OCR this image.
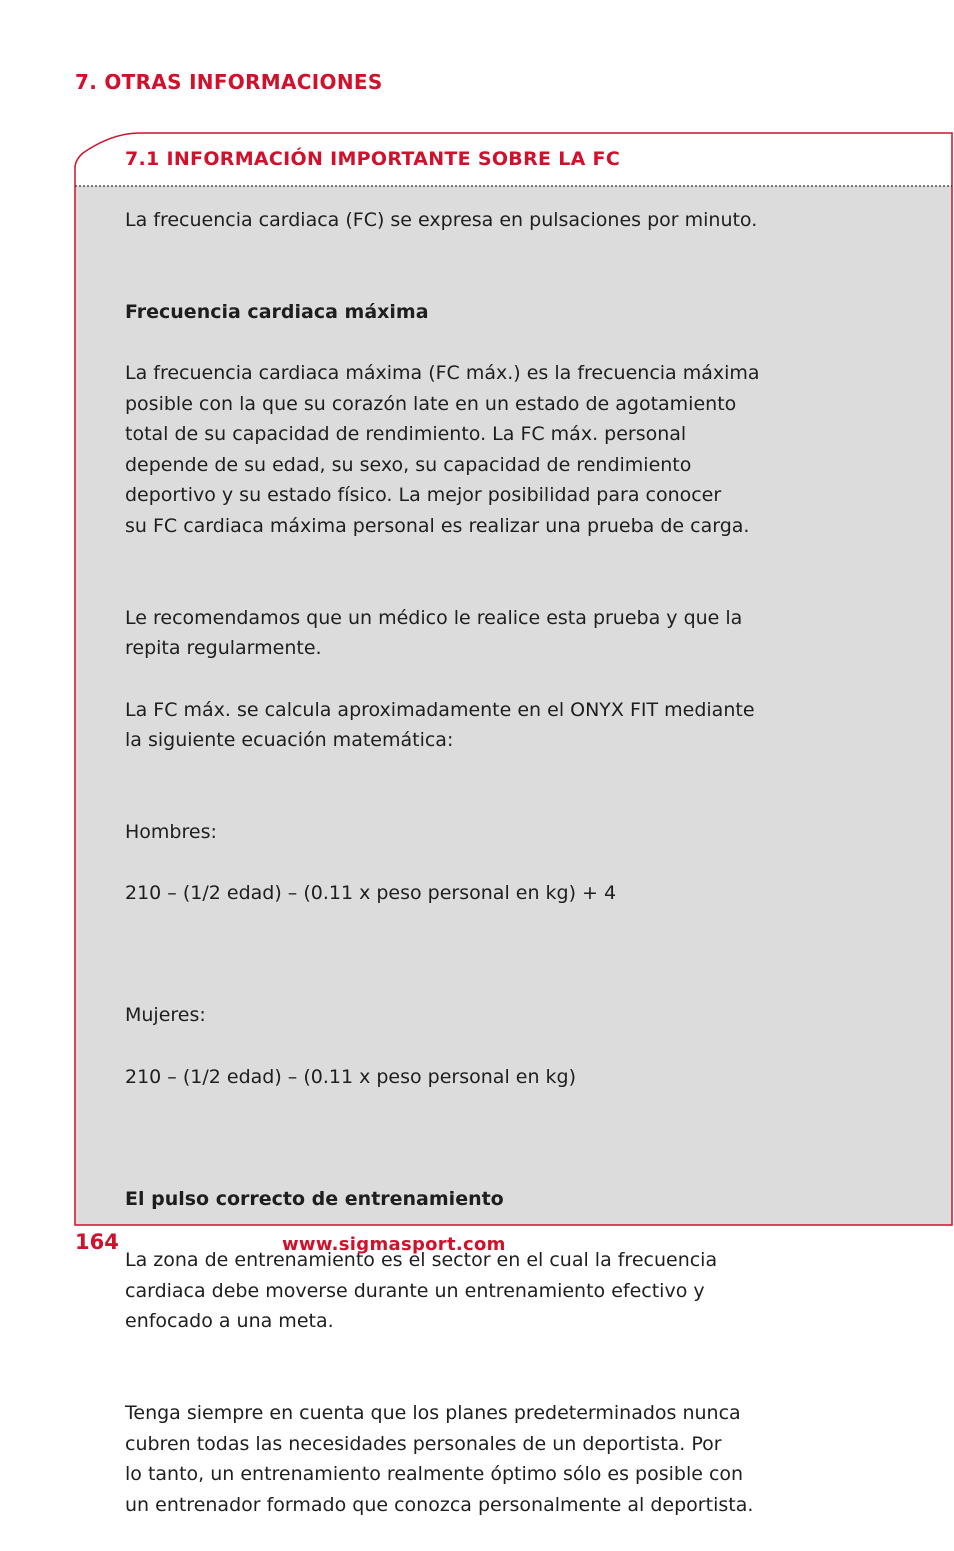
7. OTRAS INFORMACIONES
7.1 INFORMACIÓN IMPORTANTE SOBRE LA FC

La frecuencia cardiaca (FC) se expresa en pulsaciones por minuto.

Frecuencia cardiaca máxima

La frecuencia cardiaca máxima (FC máx.) es la frecuencia máxima
posible con la que su corazón late en un estado de agotamiento
total de su capacidad de rendimiento. La FC máx. personal
depende de su edad, su sexo, su capacidad de rendimiento
deportivo y su estado físico. La mejor posibilidad para conocer
su FC cardiaca máxima personal es realizar una prueba de carga.

Le recomendamos que un médico le realice esta prueba y que la
repita regularmente.

La FC máx. se calcula aproximadamente en el ONYX FIT mediante
la siguiente ecuación matemática:

Hombres:

210 – (1/2 edad) – (0.11 x peso personal en kg) + 4

Mujeres:

210 – (1/2 edad) – (0.11 x peso personal en kg)

El pulso correcto de entrenamiento

La zona de entrenamiento es el sector en el cual la frecuencia
cardiaca debe moverse durante un entrenamiento efectivo y
enfocado a una meta.

Tenga siempre en cuenta que los planes predeterminados nunca
cubren todas las necesidades personales de un deportista. Por
lo tanto, un entrenamiento realmente óptimo sólo es posible con
un entrenador formado que conozca personalmente al deportista.

164	www.sigmasport.com
